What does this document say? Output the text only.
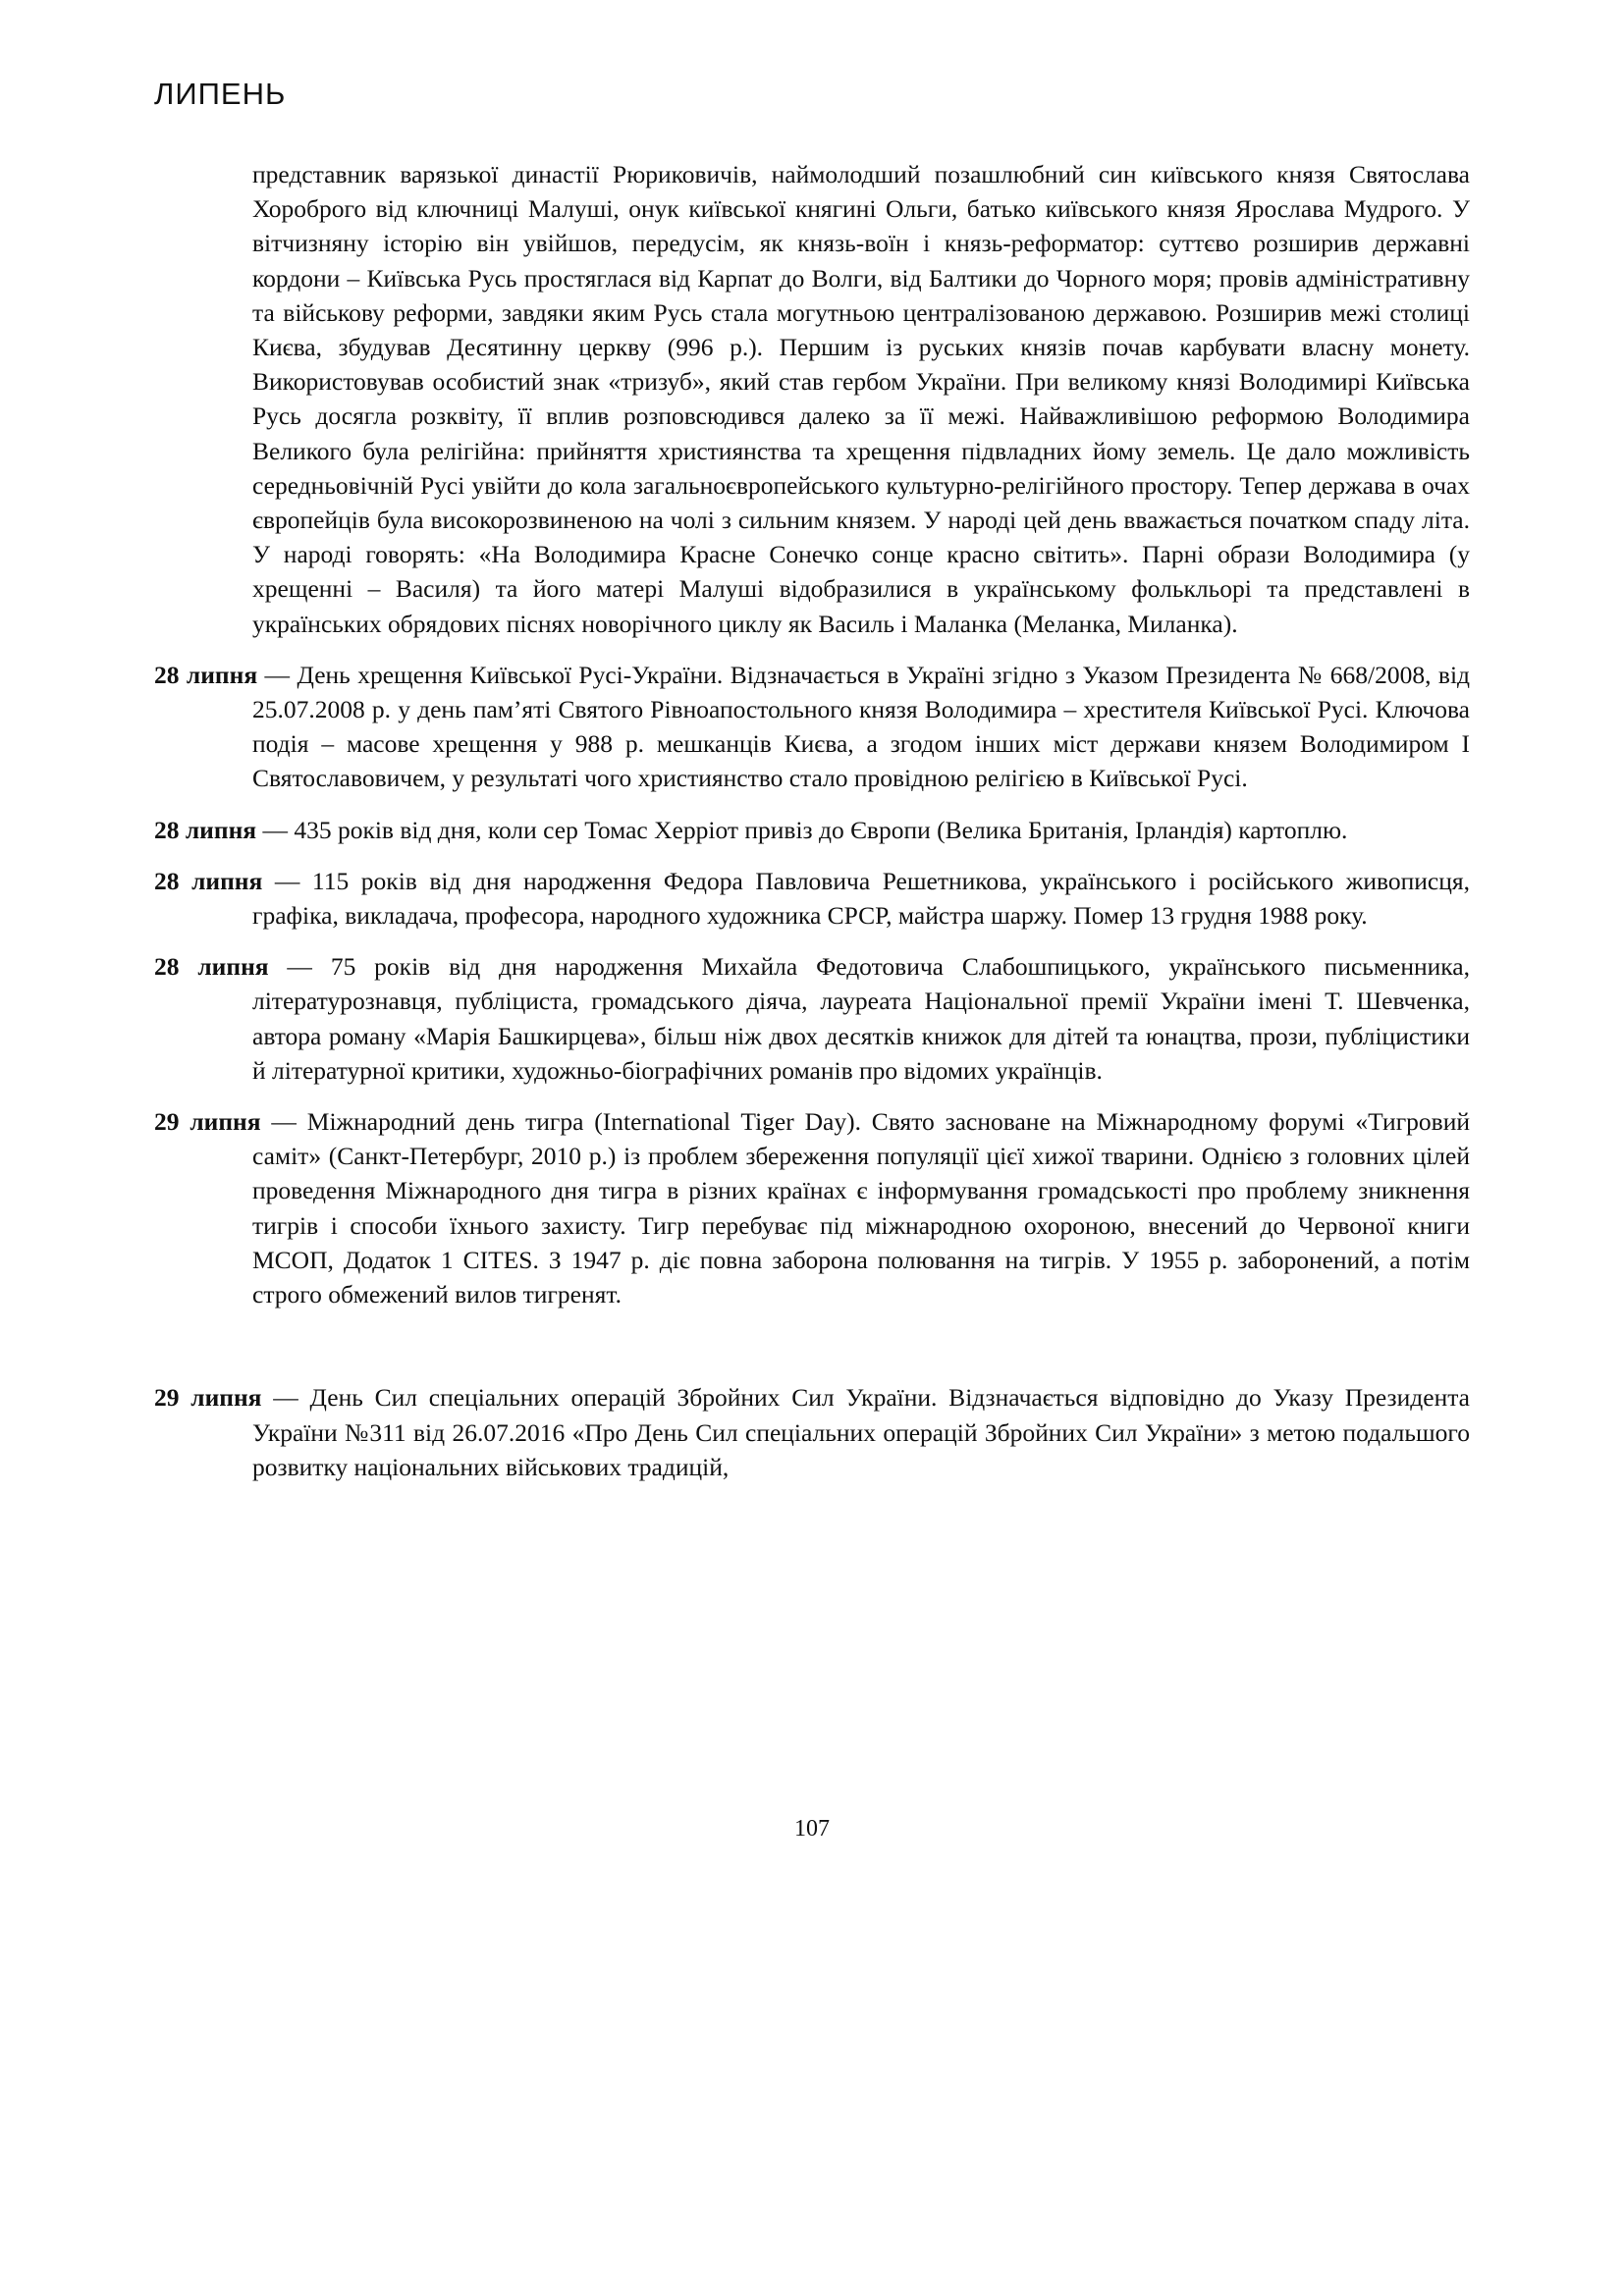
ЛИПЕНЬ

представник варязької династії Рюриковичів, наймолодший позашлюбний син київського князя Святослава Хороброго від ключниці Малуші, онук київської княгині Ольги, батько київського князя Ярослава Мудрого. У вітчизняну історію він увійшов, передусім, як князь-воїн і князь-реформатор: суттєво розширив державні кордони – Київська Русь простяглася від Карпат до Волги, від Балтики до Чорного моря; провів адміністративну та військову реформи, завдяки яким Русь стала могутньою централізованою державою. Розширив межі столиці Києва, збудував Десятинну церкву (996 р.). Першим із руських князів почав карбувати власну монету. Використовував особистий знак «тризуб», який став гербом України. При великому князі Володимирі Київська Русь досягла розквіту, її вплив розповсюдився далеко за її межі. Найважливішою реформою Володимира Великого була релігійна: прийняття християнства та хрещення підвладних йому земель. Це дало можливість середньовічній Русі увійти до кола загальноєвропейського культурно-релігійного простору. Тепер держава в очах європейців була високорозвиненою на чолі з сильним князем. У народі цей день вважається початком спаду літа. У народі говорять: «На Володимира Красне Сонечко сонце красно світить». Парні образи Володимира (у хрещенні – Василя) та його матері Малуші відобразилися в українському фолькльорі та представлені в українських обрядових піснях новорічного циклу як Василь і Маланка (Меланка, Миланка).

28 липня — День хрещення Київської Русі-України. Відзначається в Україні згідно з Указом Президента № 668/2008, від 25.07.2008 р. у день пам’яті Святого Рівноапостольного князя Володимира – хрестителя Київської Русі. Ключова подія – масове хрещення у 988 р. мешканців Києва, а згодом інших міст держави князем Володимиром I Святославовичем, у результаті чого християнство стало провідною релігією в Київської Русі.

28 липня — 435 років від дня, коли сер Томас Херріот привіз до Європи (Велика Британія, Ірландія) картоплю.

28 липня — 115 років від дня народження Федора Павловича Решетникова, українського і російського живописця, графіка, викладача, професора, народного художника СРСР, майстра шаржу. Помер 13 грудня 1988 року.

28 липня — 75 років від дня народження Михайла Федотовича Слабошпицького, українського письменника, літературознавця, публіциста, громадського діяча, лауреата Національної премії України імені Т. Шевченка, автора роману «Марія Башкирцева», більш ніж двох десятків книжок для дітей та юнацтва, прози, публіцистики й літературної критики, художньо-біографічних романів про відомих українців.

29 липня — Міжнародний день тигра (International Tiger Day). Свято засноване на Міжнародному форумі «Тигровий саміт» (Санкт-Петербург, 2010 р.) із проблем збереження популяції цієї хижої тварини. Однією з головних цілей проведення Міжнародного дня тигра в різних країнах є інформування громадськості про проблему зникнення тигрів і способи їхнього захисту. Тигр перебуває під міжнародною охороною, внесений до Червоної книги МСОП, Додаток 1 CITES. З 1947 р. діє повна заборона полювання на тигрів. У 1955 р. заборонений, а потім строго обмежений вилов тигренят.

29 липня — День Сил спеціальних операцій Збройних Сил України. Відзначається відповідно до Указу Президента України №311 від 26.07.2016 «Про День Сил спеціальних операцій Збройних Сил України» з метою подальшого розвитку національних військових традицій,

107
